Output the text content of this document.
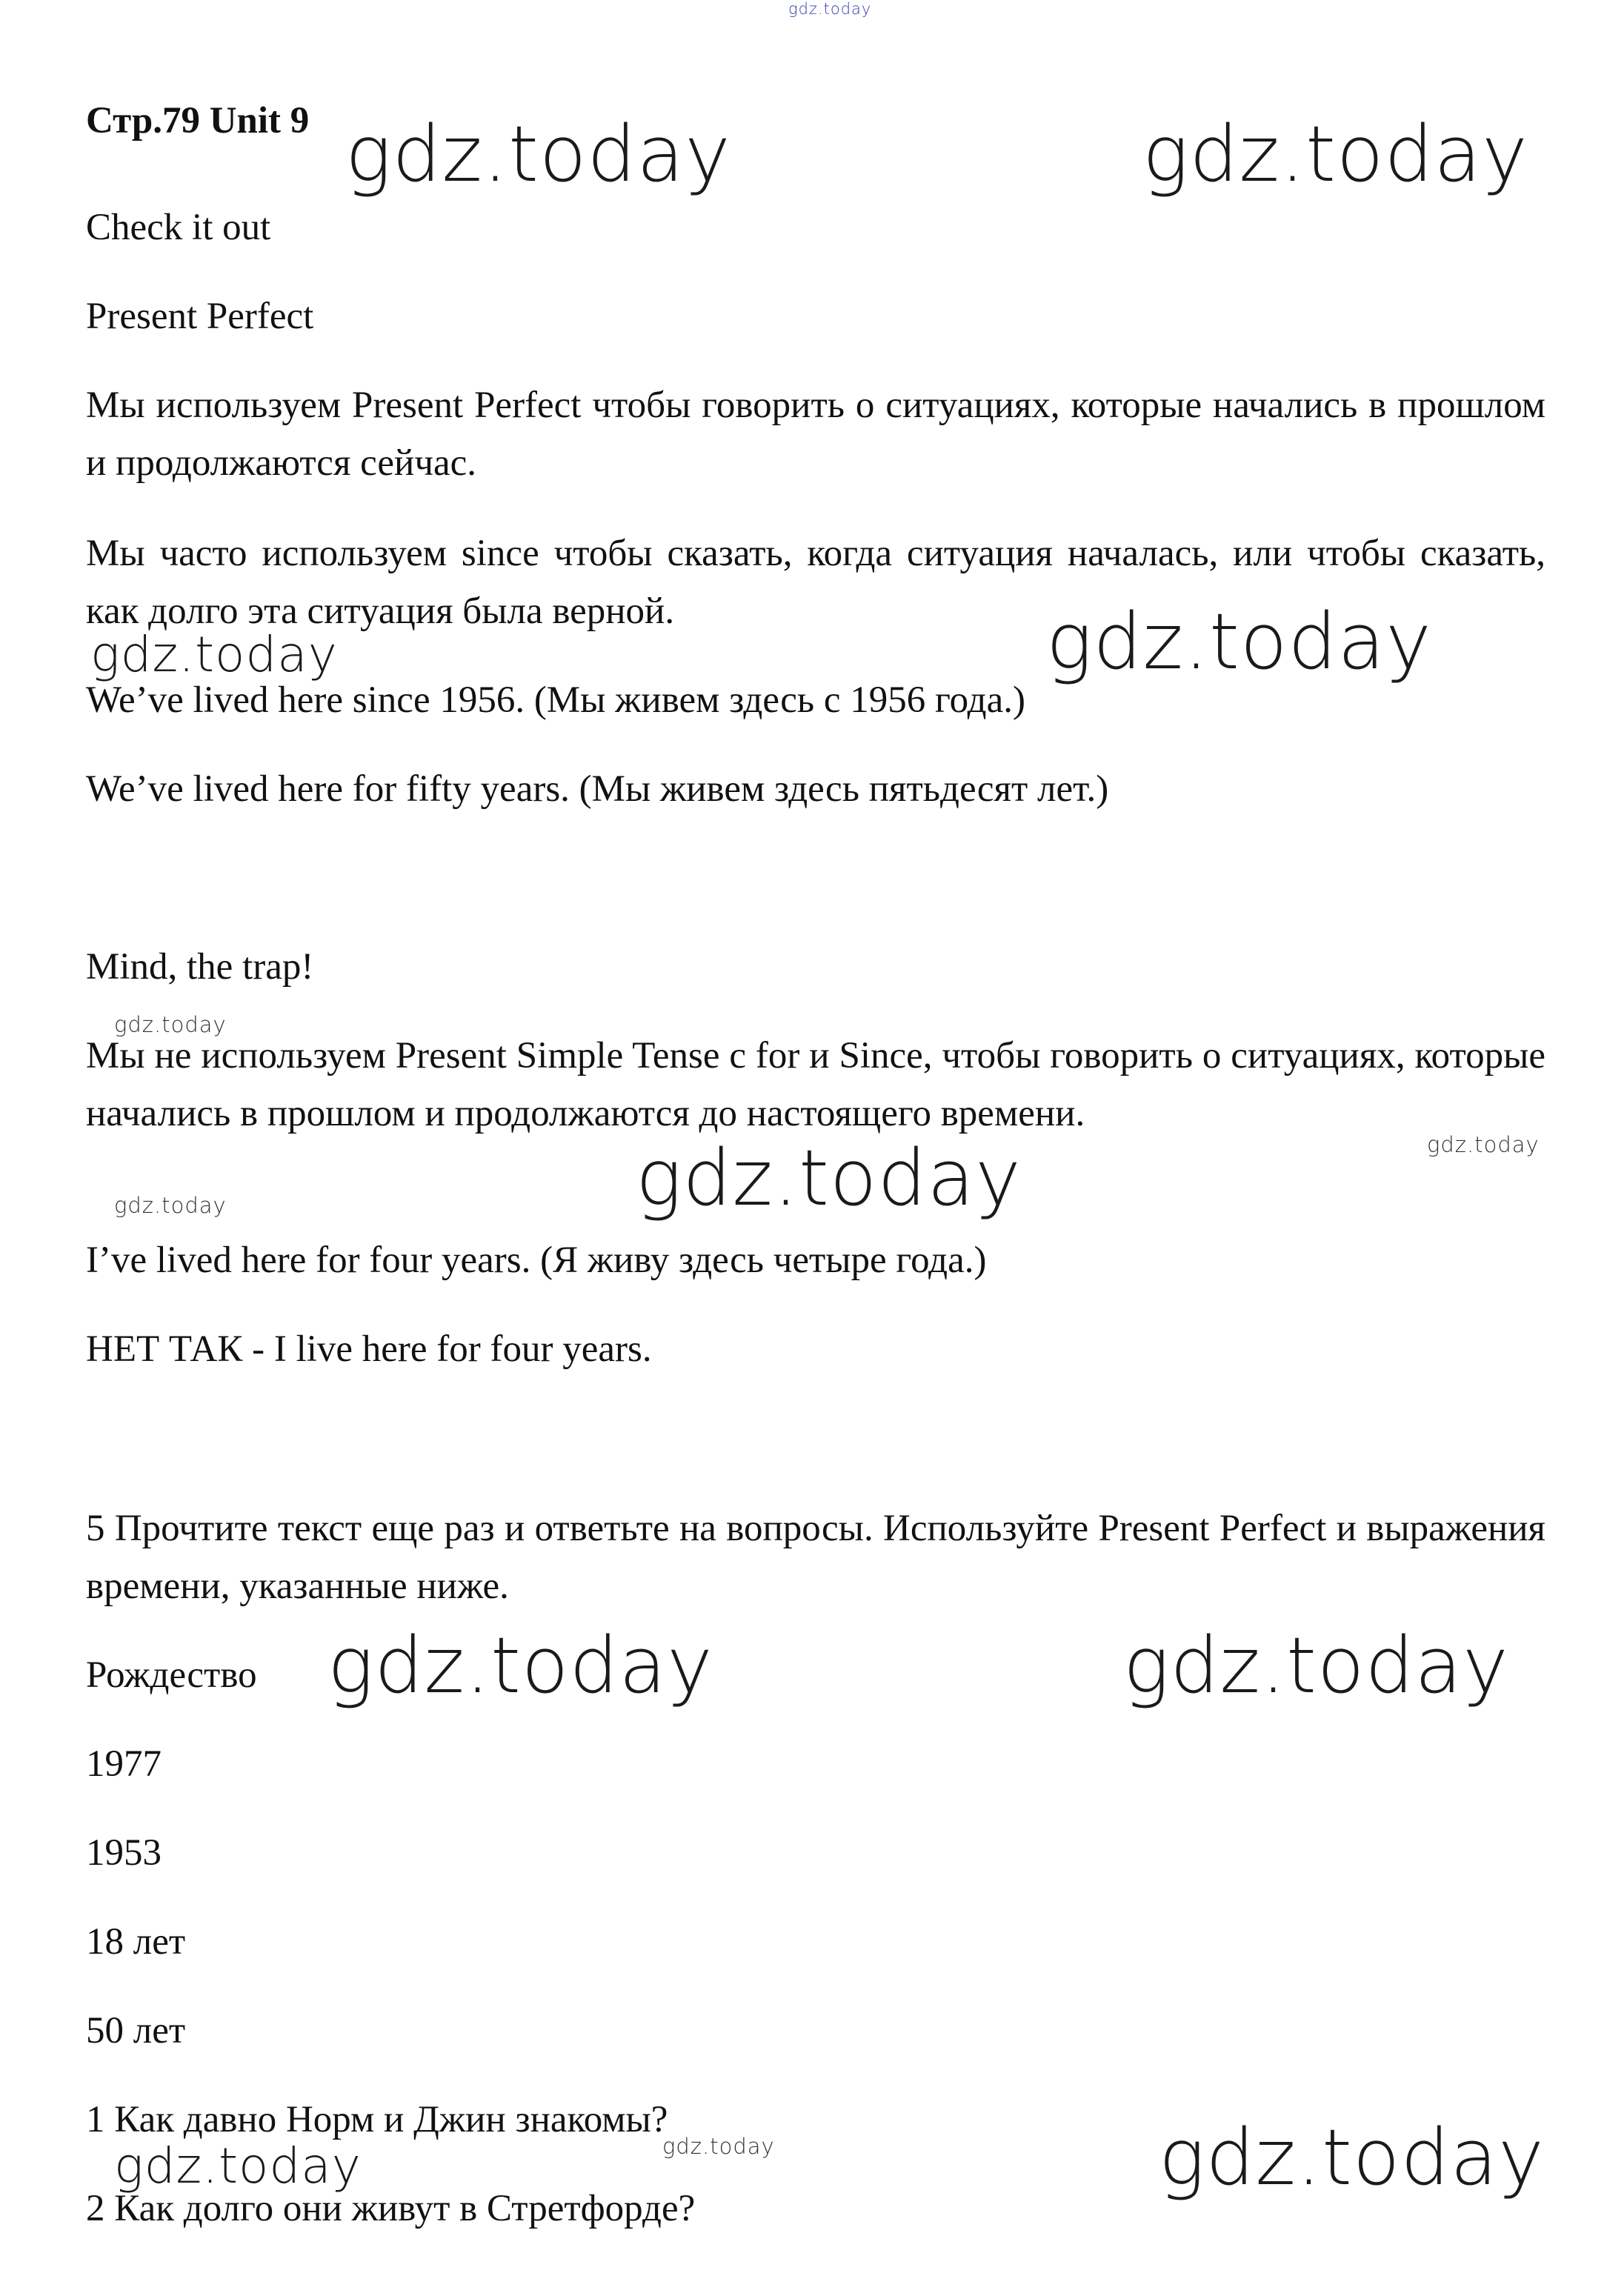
Стр.79 Unit 9
Check it out
Present Perfect
Мы используем Present Perfect чтобы говорить о ситуациях, которые начались в прошлом и продолжаются сейчас.
Мы часто используем since чтобы сказать, когда ситуация началась, или чтобы сказать, как долго эта ситуация была верной.
We’ve lived here since 1956. (Мы живем здесь с 1956 года.)
We’ve lived here for fifty years. (Мы живем здесь пятьдесят лет.)
Mind, the trap!
Мы не используем Present Simple Tense с for и Since, чтобы говорить о ситуациях, которые начались в прошлом и продолжаются до настоящего времени.
I’ve lived here for four years. (Я живу здесь четыре года.)
НЕТ ТАК - I live here for four years.
5 Прочтите текст еще раз и ответьте на вопросы. Используйте Present Perfect и выражения времени, указанные ниже.
Рождество
1977
1953
18 лет
50 лет
1 Как давно Норм и Джин знакомы?
2 Как долго они живут в Стретфорде?
gdz.today
gdz.today	gdz.today
gdz.today	gdz.today
gdz.today
gdz.today
gdz.today
gdz.today
gdz.today	gdz.today
gdz.today
gdz.today	gdz.today
